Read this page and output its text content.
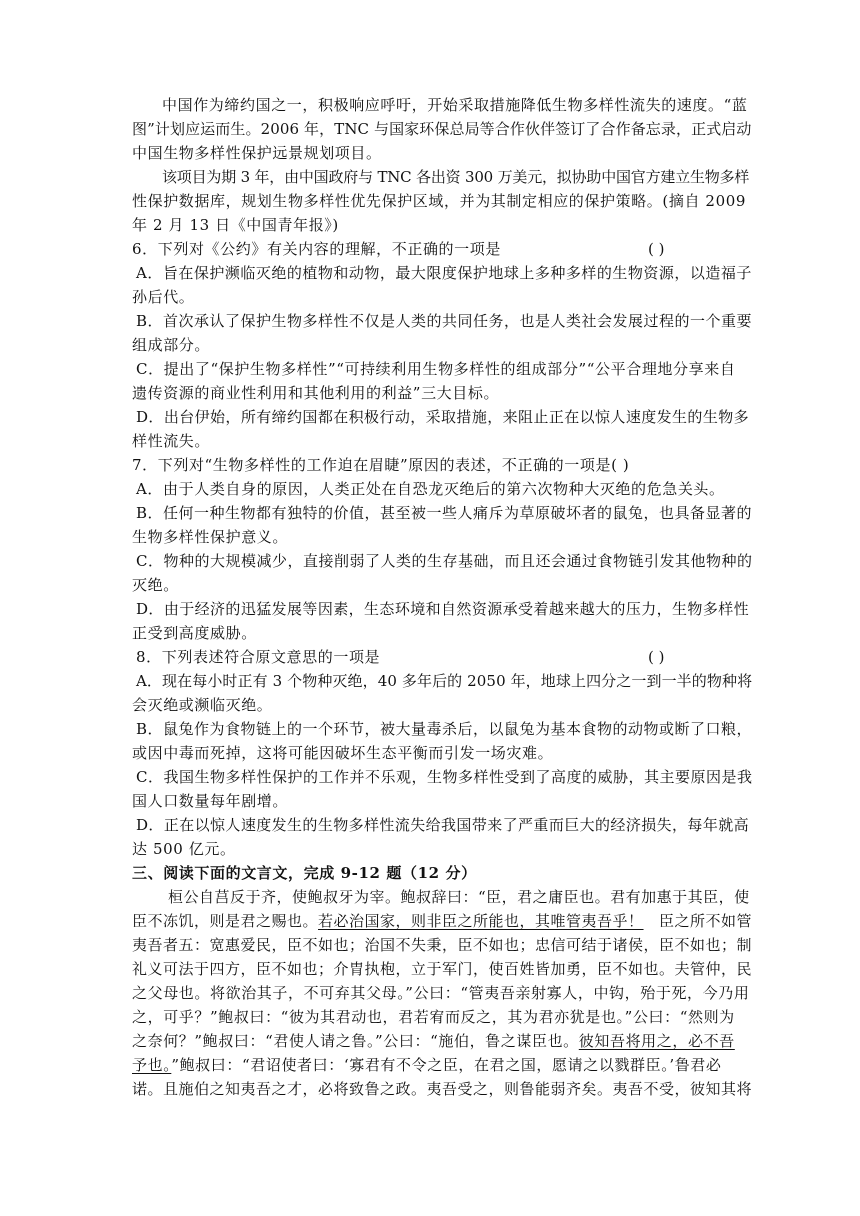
中国作为缔约国之一，积极响应呼吁，开始采取措施降低生物多样性流失的速度。“蓝
图”计划应运而生。2006 年，TNC 与国家环保总局等合作伙伴签订了合作备忘录，正式启动
中国生物多样性保护远景规划项目。
该项目为期 3 年，由中国政府与 TNC 各出资 300 万美元，拟协助中国官方建立生物多样
性保护数据库，规划生物多样性优先保护区域，并为其制定相应的保护策略。(摘自 2009
年 2 月 13 日《中国青年报》)
6．下列对《公约》有关内容的理解，不正确的一项是	( )
A．旨在保护濒临灭绝的植物和动物，最大限度保护地球上多种多样的生物资源，以造福子
孙后代。
B．首次承认了保护生物多样性不仅是人类的共同任务，也是人类社会发展过程的一个重要
组成部分。
C．提出了“保护生物多样性”“可持续利用生物多样性的组成部分”“公平合理地分享来自
遗传资源的商业性利用和其他利用的利益”三大目标。
D．出台伊始，所有缔约国都在积极行动，采取措施，来阻止正在以惊人速度发生的生物多
样性流失。
7．下列对“生物多样性的工作迫在眉睫”原因的表述，不正确的一项是( )
A．由于人类自身的原因，人类正处在自恐龙灭绝后的第六次物种大灭绝的危急关头。
B．任何一种生物都有独特的价值，甚至被一些人痛斥为草原破坏者的鼠兔，也具备显著的
生物多样性保护意义。
C．物种的大规模减少，直接削弱了人类的生存基础，而且还会通过食物链引发其他物种的
灭绝。
D．由于经济的迅猛发展等因素，生态环境和自然资源承受着越来越大的压力，生物多样性
正受到高度威胁。
8．下列表述符合原文意思的一项是	( )
A．现在每小时正有 3 个物种灭绝，40 多年后的 2050 年，地球上四分之一到一半的物种将
会灭绝或濒临灭绝。
B．鼠兔作为食物链上的一个环节，被大量毒杀后，以鼠兔为基本食物的动物或断了口粮，
或因中毒而死掉，这将可能因破坏生态平衡而引发一场灾难。
C．我国生物多样性保护的工作并不乐观，生物多样性受到了高度的威胁，其主要原因是我
国人口数量每年剧增。
D．正在以惊人速度发生的生物多样性流失给我国带来了严重而巨大的经济损失，每年就高
达 500 亿元。
三、阅读下面的文言文，完成 9-12 题（12 分）
桓公自莒反于齐，使鲍叔牙为宰。鲍叔辞曰：“臣，君之庸臣也。君有加惠于其臣，使
臣不冻饥，则是君之赐也。若必治国家，则非臣之所能也，其唯管夷吾乎！　臣之所不如管
夷吾者五：宽惠爱民，臣不如也；治国不失秉，臣不如也；忠信可结于诸侯，臣不如也；制
礼义可法于四方，臣不如也；介胄执枹，立于军门，使百姓皆加勇，臣不如也。夫管仲，民
之父母也。将欲治其子，不可弃其父母。”公曰：“管夷吾亲射寡人，中钩，殆于死，今乃用
之，可乎？”鲍叔曰：“彼为其君动也，君若宥而反之，其为君亦犹是也。”公曰：“然则为
之奈何？”鲍叔曰：“君使人请之鲁。”公曰：“施伯，鲁之谋臣也。彼知吾将用之，必不吾
予也。”鲍叔曰：“君诏使者曰：‘寡君有不令之臣，在君之国，愿请之以戮群臣。’鲁君必
诺。且施伯之知夷吾之才，必将致鲁之政。夷吾受之，则鲁能弱齐矣。夷吾不受，彼知其将
